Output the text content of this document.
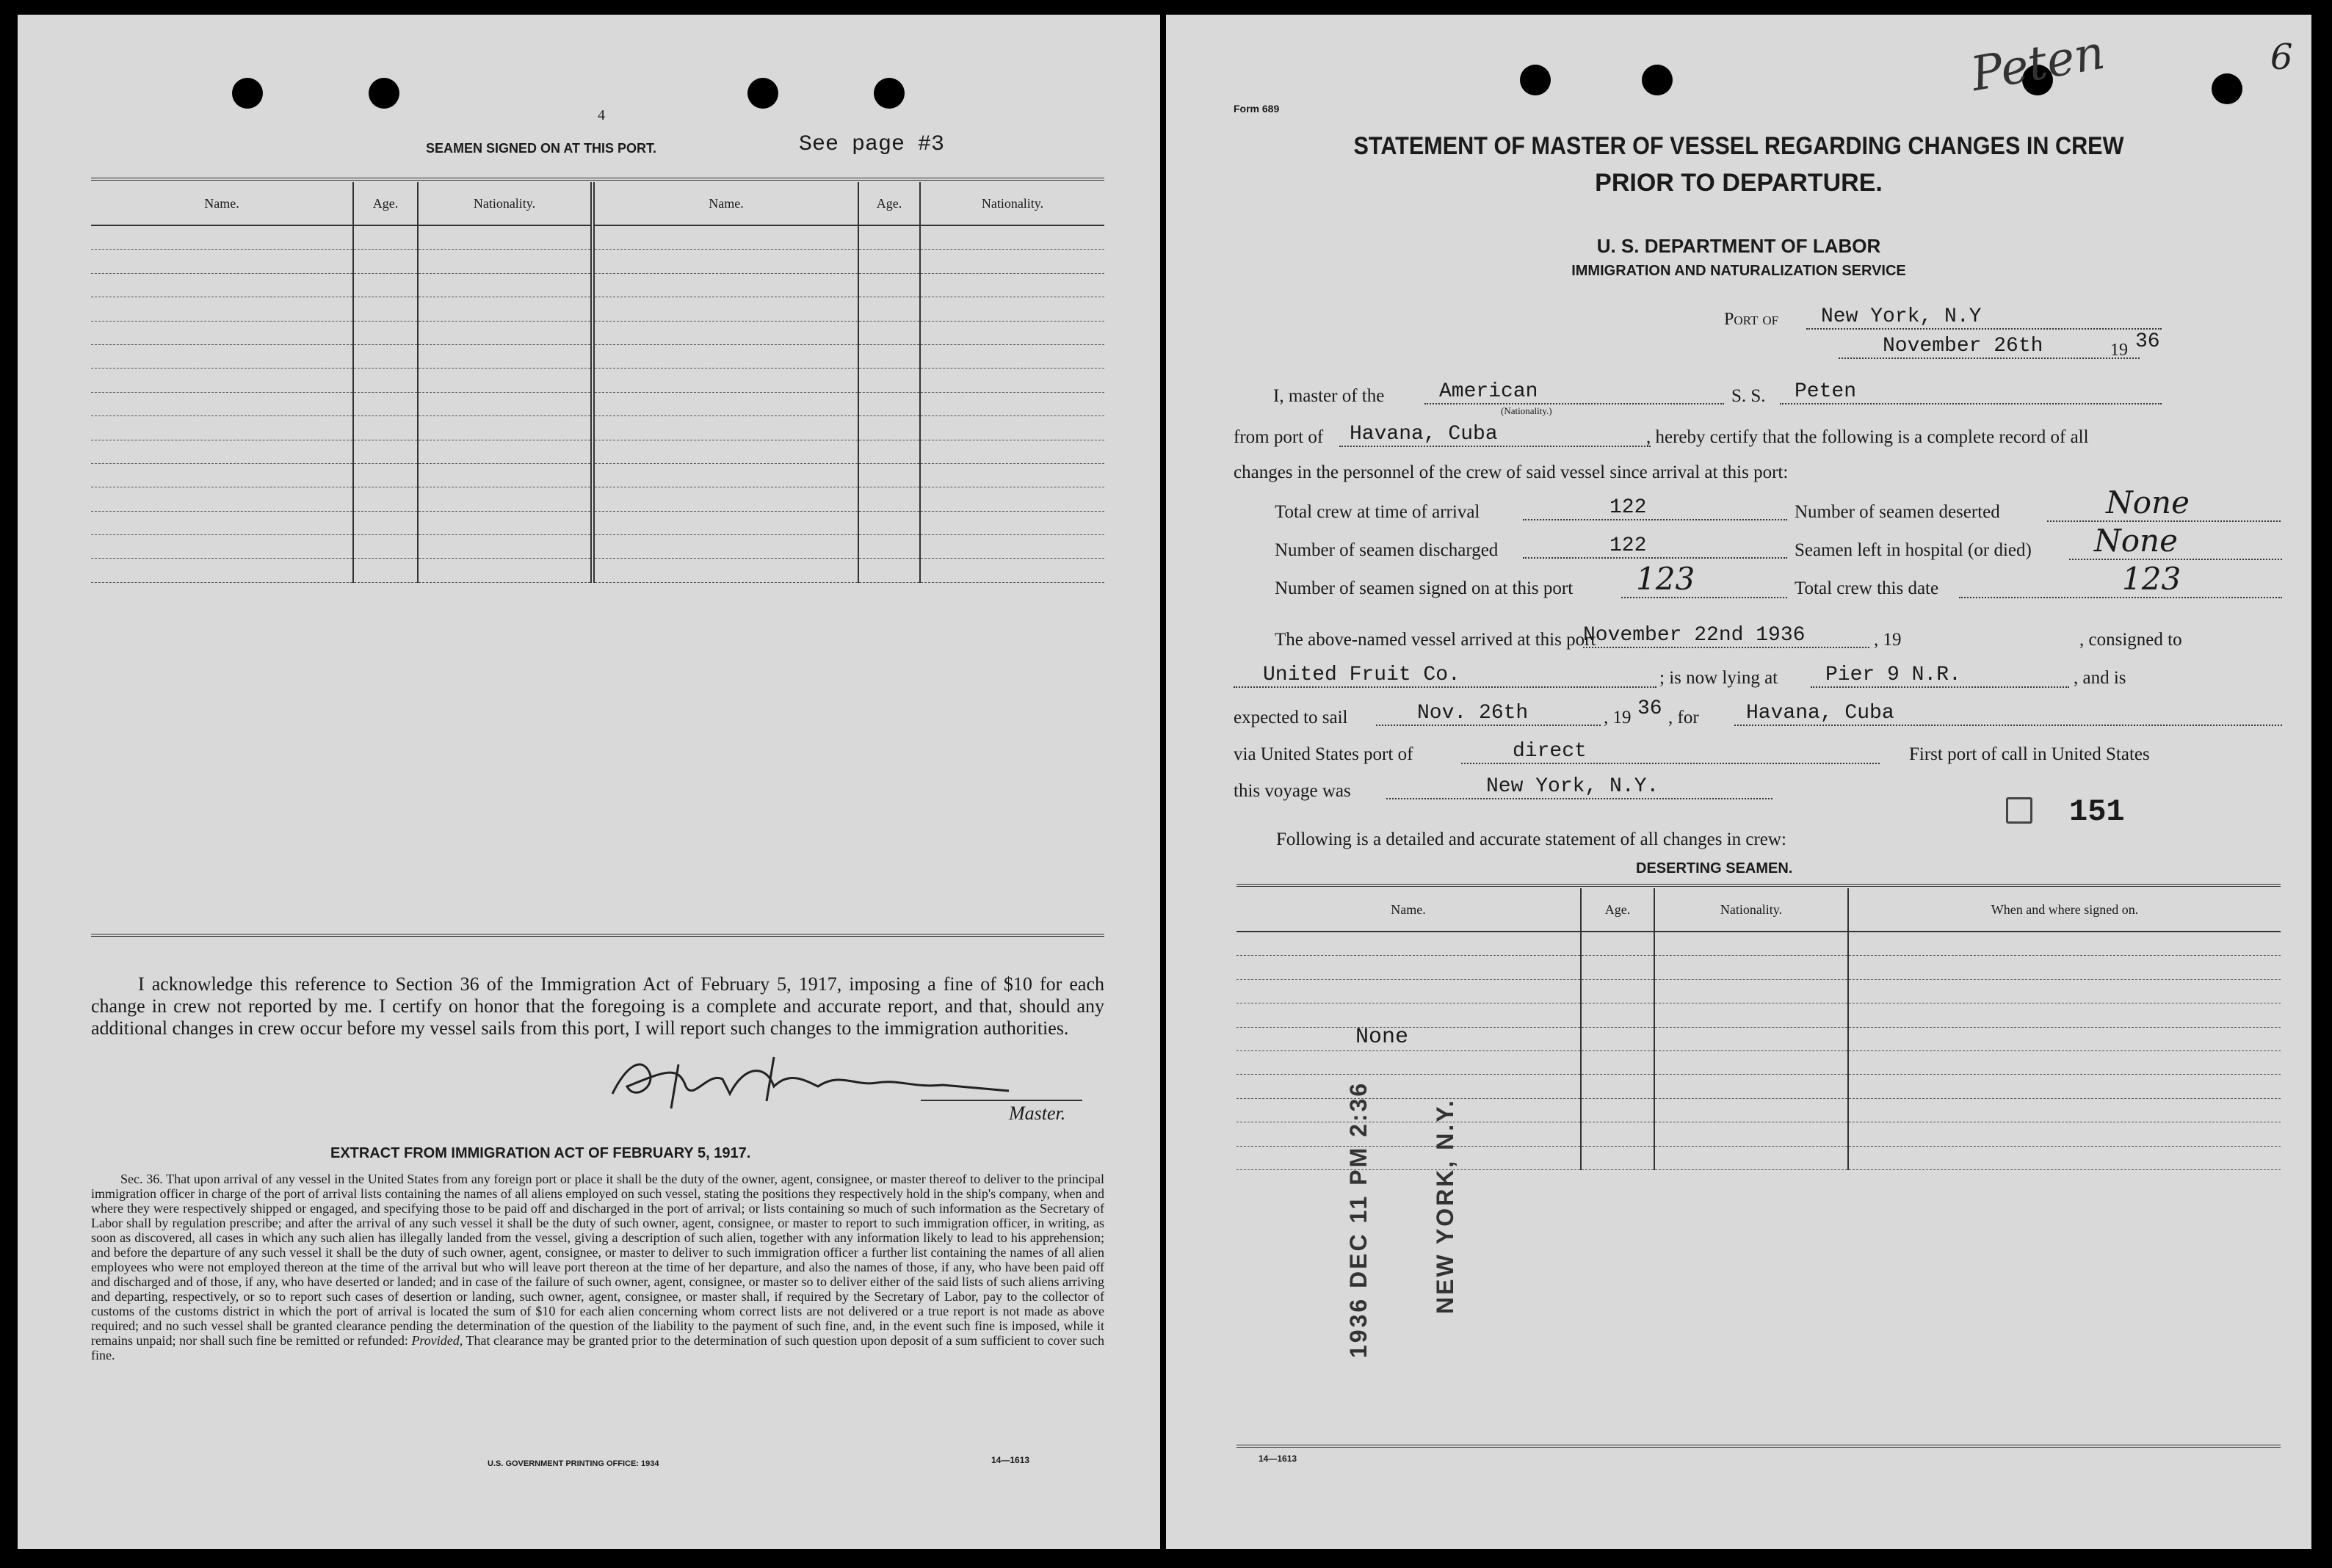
4
SEAMEN SIGNED ON AT THIS PORT.	See page #3
Name.	Age.	Nationality.	Name.	Age.	Nationality.

I acknowledge this reference to Section 36 of the Immigration Act of February 5, 1917, imposing a fine of $10 for each change in crew not reported by me. I certify on honor that the foregoing is a complete and accurate report, and that, should any additional changes in crew occur before my vessel sails from this port, I will report such changes to the immigration authorities.
Master.
EXTRACT FROM IMMIGRATION ACT OF FEBRUARY 5, 1917.
Sec. 36. That upon arrival of any vessel in the United States from any foreign port or place it shall be the duty of the owner, agent, consignee, or master thereof to deliver to the principal immigration officer in charge of the port of arrival lists containing the names of all aliens employed on such vessel, stating the positions they respectively hold in the ship's company, when and where they were respectively shipped or engaged, and specifying those to be paid off and discharged in the port of arrival; or lists containing so much of such information as the Secretary of Labor shall by regulation prescribe; and after the arrival of any such vessel it shall be the duty of such owner, agent, consignee, or master to report to such immigration officer, in writing, as soon as discovered, all cases in which any such alien has illegally landed from the vessel, giving a description of such alien, together with any information likely to lead to his apprehension; and before the departure of any such vessel it shall be the duty of such owner, agent, consignee, or master to deliver to such immigration officer a further list containing the names of all alien employees who were not employed thereon at the time of the arrival but who will leave port thereon at the time of her departure, and also the names of those, if any, who have been paid off and discharged and of those, if any, who have deserted or landed; and in case of the failure of such owner, agent, consignee, or master so to deliver either of the said lists of such aliens arriving and departing, respectively, or so to report such cases of desertion or landing, such owner, agent, consignee, or master shall, if required by the Secretary of Labor, pay to the collector of customs of the customs district in which the port of arrival is located the sum of $10 for each alien concerning whom correct lists are not delivered or a true report is not made as above required; and no such vessel shall be granted clearance pending the determination of the question of the liability to the payment of such fine, and, in the event such fine is imposed, while it remains unpaid; nor shall such fine be remitted or refunded: Provided, That clearance may be granted prior to the determination of such question upon deposit of a sum sufficient to cover such fine.
U.S. GOVERNMENT PRINTING OFFICE: 1934	14—1613
Form 689
Peten	6
STATEMENT OF MASTER OF VESSEL REGARDING CHANGES IN CREW
PRIOR TO DEPARTURE.
U. S. DEPARTMENT OF LABOR
IMMIGRATION AND NATURALIZATION SERVICE
Port of	New York, N.Y
November 26th	19 36
I, master of the	American
(Nationality.)
S. S.	Peten
from port of	Havana, Cuba	, hereby certify that the following is a complete record of all
changes in the personnel of the crew of said vessel since arrival at this port:
Total crew at time of arrival	122	Number of seamen deserted	None
Number of seamen discharged	122	Seamen left in hospital (or died)	None
Number of seamen signed on at this port	123	Total crew this date	123
The above-named vessel arrived at this port
November 22nd 1936	, 19	, consigned to
United Fruit Co.	; is now lying at	Pier 9 N.R.	, and is
expected to sail	Nov. 26th	, 19 36 , for	Havana, Cuba
via United States port of	direct	First port of call in United States
this voyage was	New York, N.Y.
151
Following is a detailed and accurate statement of all changes in crew:
DESERTING SEAMEN.
Name.	Age.	Nationality.	When and where signed on.

None
1936 DEC 11 PM 2:36	NEW YORK, N.Y.
14—1613
